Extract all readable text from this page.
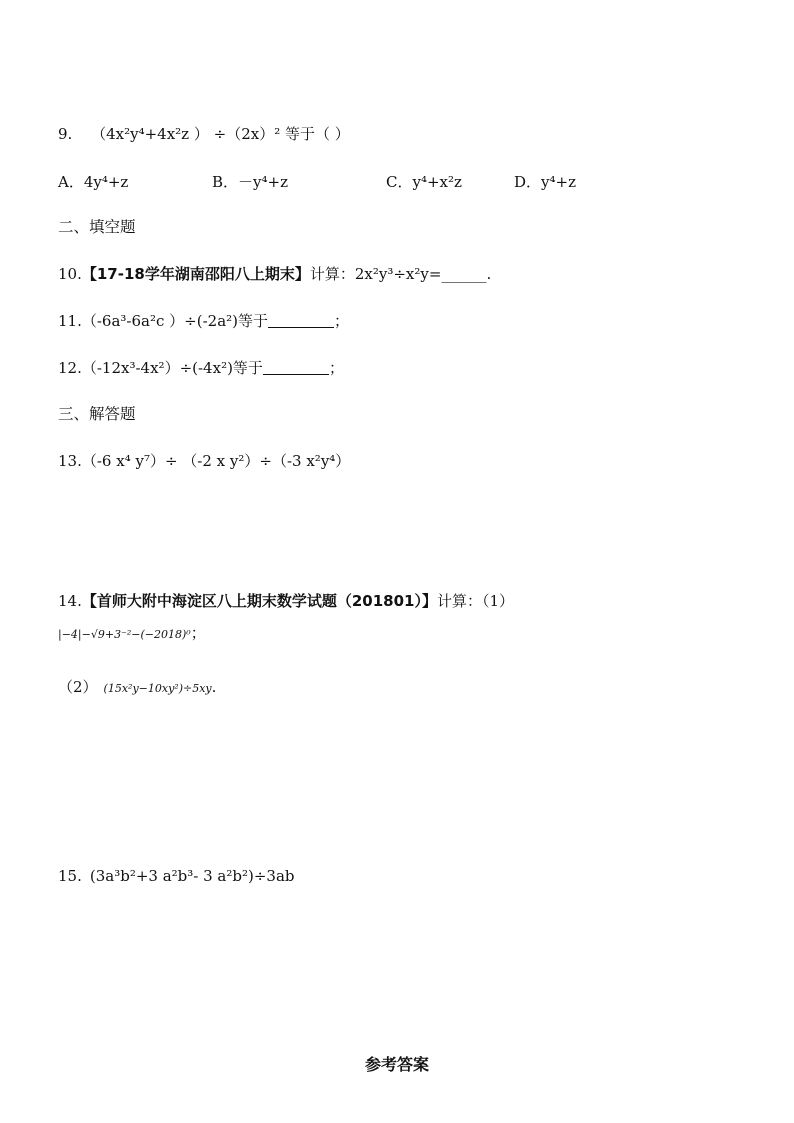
9. （4x²y⁴+4x²z ） ÷（2x）² 等于（ ）
A．4y⁴+z	B．－y⁴+z	C．y⁴+x²z	D．y⁴+z
二、填空题
10.【17-18学年湖南邵阳八上期末】计算：2x²y³÷x²y=______.
11.（-6a³-6a²c ）÷(-2a²)等于	；
12.（-12x³-4x²）÷(-4x²)等于	；
三、解答题
13.（-6 x⁴ y⁷）÷ （-2 x y²）÷（-3 x²y⁴）
14.【首师大附中海淀区八上期末数学试题（201801）】计算：（1）
|−4|−√9+3⁻²−(−2018)⁰；
（2） (15x²y−10xy²)÷5xy.
15. (3a³b²+3 a²b³- 3 a²b²)÷3ab
参考答案
